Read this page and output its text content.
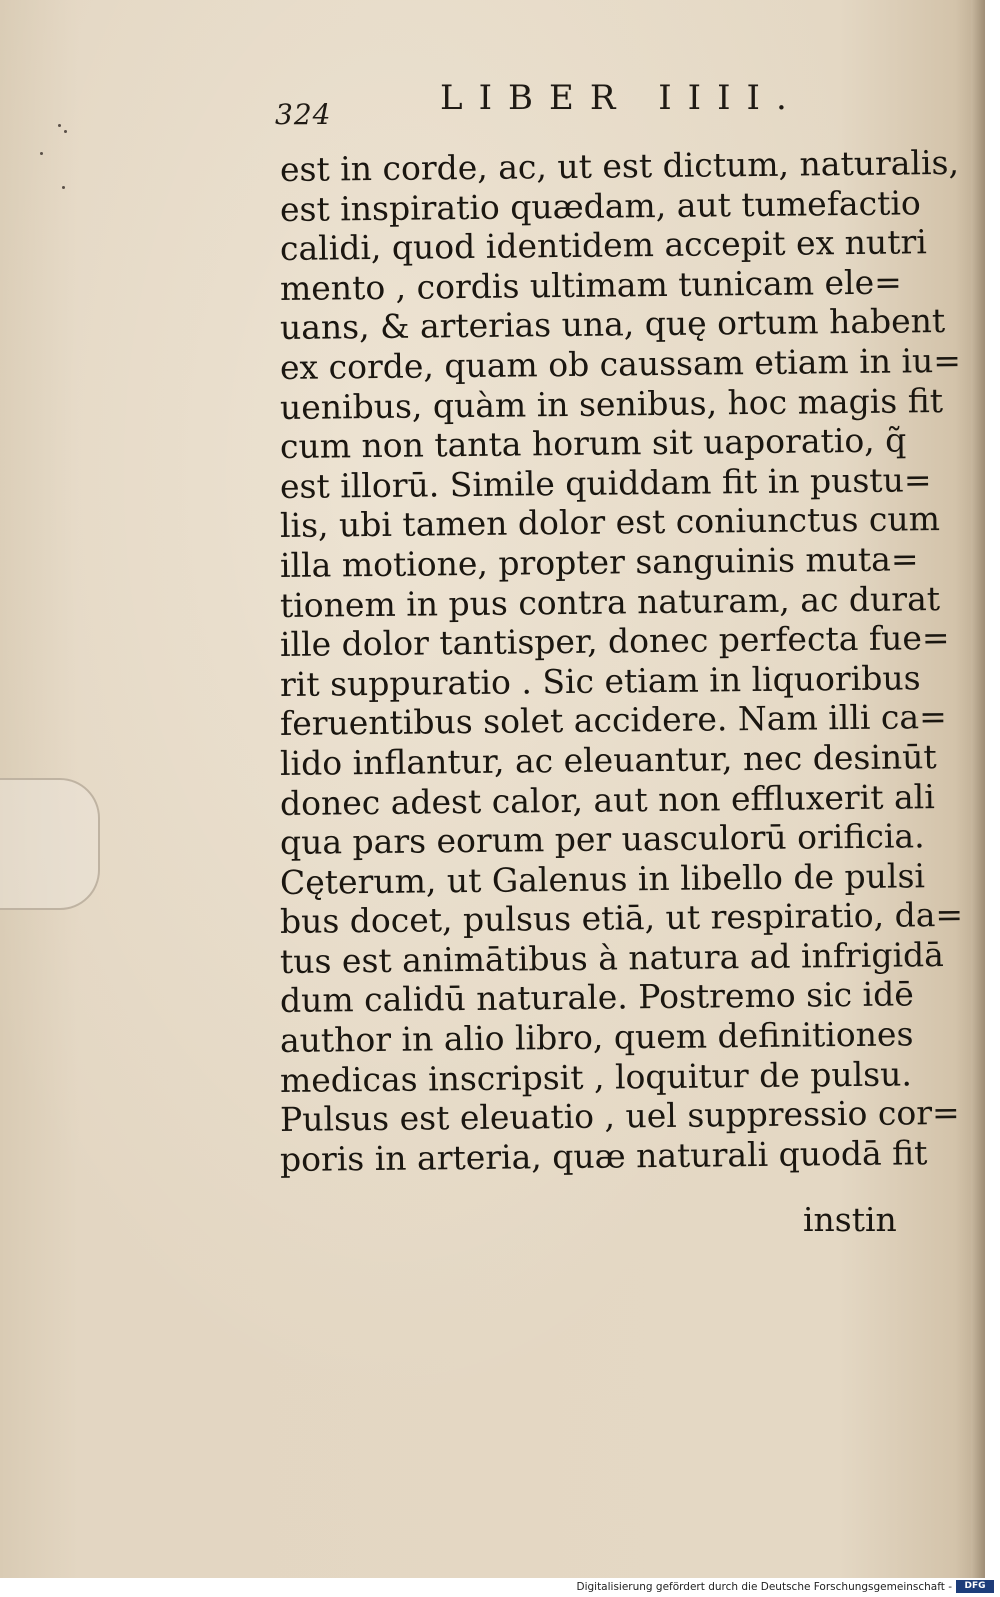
324	LIBER IIII.
est in corde, ac, ut est dictum, naturalis,
est inspiratio quædam, aut tumefactio
calidi, quod identidem accepit ex nutri
mento , cordis ultimam tunicam ele=
uans, & arterias una, quę ortum habent
ex corde, quam ob caussam etiam in iu=
uenibus, quàm in senibus, hoc magis fit
cum non tanta horum sit uaporatio, q̃
est illorū. Simile quiddam fit in pustu=
lis, ubi tamen dolor est coniunctus cum
illa motione, propter sanguinis muta=
tionem in pus contra naturam, ac durat
ille dolor tantisper, donec perfecta fue=
rit suppuratio . Sic etiam in liquoribus
feruentibus solet accidere. Nam illi ca=
lido inflantur, ac eleuantur, nec desinūt
donec adest calor, aut non effluxerit ali
qua pars eorum per uasculorū orificia.
Cęterum, ut Galenus in libello de pulsi
bus docet, pulsus etiā, ut respiratio, da=
tus est animātibus à natura ad infrigidā
dum calidū naturale. Postremo sic idē
author in alio libro, quem definitiones
medicas inscripsit , loquitur de pulsu.
Pulsus est eleuatio , uel suppressio cor=
poris in arteria, quæ naturali quodā fit
instin
Digitalisierung gefördert durch die Deutsche Forschungsgemeinschaft -	DFG
